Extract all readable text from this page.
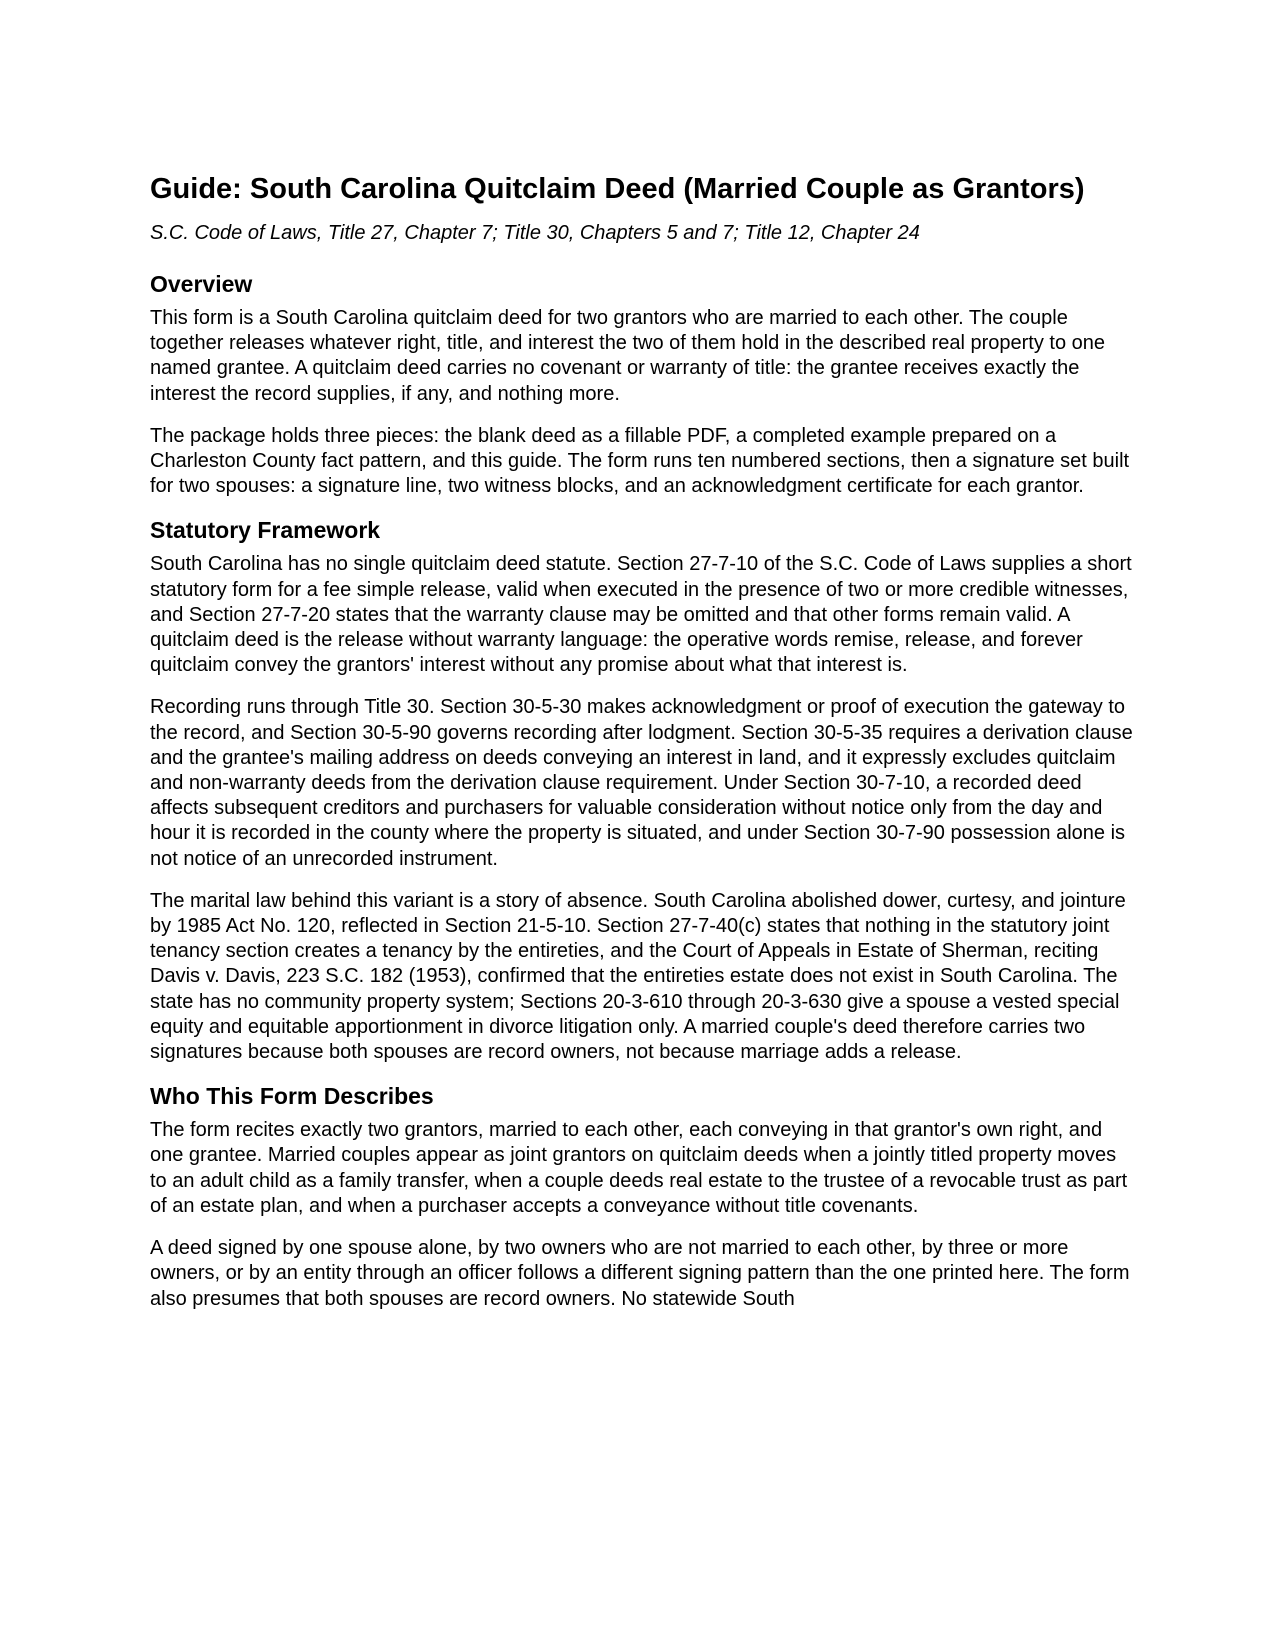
Guide: South Carolina Quitclaim Deed (Married Couple as Grantors)
S.C. Code of Laws, Title 27, Chapter 7; Title 30, Chapters 5 and 7; Title 12, Chapter 24
Overview

This form is a South Carolina quitclaim deed for two grantors who are married to each other. The couple together releases whatever right, title, and interest the two of them hold in the described real property to one named grantee. A quitclaim deed carries no covenant or warranty of title: the grantee receives exactly the interest the record supplies, if any, and nothing more.

The package holds three pieces: the blank deed as a fillable PDF, a completed example prepared on a Charleston County fact pattern, and this guide. The form runs ten numbered sections, then a signature set built for two spouses: a signature line, two witness blocks, and an acknowledgment certificate for each grantor.

Statutory Framework

South Carolina has no single quitclaim deed statute. Section 27-7-10 of the S.C. Code of Laws supplies a short statutory form for a fee simple release, valid when executed in the presence of two or more credible witnesses, and Section 27-7-20 states that the warranty clause may be omitted and that other forms remain valid. A quitclaim deed is the release without warranty language: the operative words remise, release, and forever quitclaim convey the grantors' interest without any promise about what that interest is.

Recording runs through Title 30. Section 30-5-30 makes acknowledgment or proof of execution the gateway to the record, and Section 30-5-90 governs recording after lodgment. Section 30-5-35 requires a derivation clause and the grantee's mailing address on deeds conveying an interest in land, and it expressly excludes quitclaim and non-warranty deeds from the derivation clause requirement. Under Section 30-7-10, a recorded deed affects subsequent creditors and purchasers for valuable consideration without notice only from the day and hour it is recorded in the county where the property is situated, and under Section 30-7-90 possession alone is not notice of an unrecorded instrument.

The marital law behind this variant is a story of absence. South Carolina abolished dower, curtesy, and jointure by 1985 Act No. 120, reflected in Section 21-5-10. Section 27-7-40(c) states that nothing in the statutory joint tenancy section creates a tenancy by the entireties, and the Court of Appeals in Estate of Sherman, reciting Davis v. Davis, 223 S.C. 182 (1953), confirmed that the entireties estate does not exist in South Carolina. The state has no community property system; Sections 20-3-610 through 20-3-630 give a spouse a vested special equity and equitable apportionment in divorce litigation only. A married couple's deed therefore carries two signatures because both spouses are record owners, not because marriage adds a release.

Who This Form Describes

The form recites exactly two grantors, married to each other, each conveying in that grantor's own right, and one grantee. Married couples appear as joint grantors on quitclaim deeds when a jointly titled property moves to an adult child as a family transfer, when a couple deeds real estate to the trustee of a revocable trust as part of an estate plan, and when a purchaser accepts a conveyance without title covenants.

A deed signed by one spouse alone, by two owners who are not married to each other, by three or more owners, or by an entity through an officer follows a different signing pattern than the one printed here. The form also presumes that both spouses are record owners. No statewide South
